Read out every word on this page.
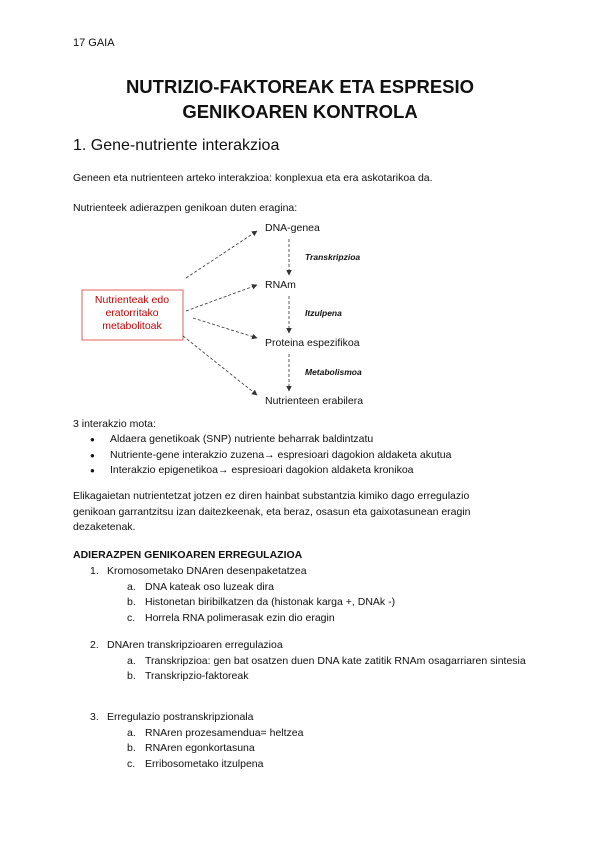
17 GAIA
NUTRIZIO-FAKTOREAK ETA ESPRESIO
GENIKOAREN KONTROLA
1. Gene-nutriente interakzioa

Geneen eta nutrienteen arteko interakzioa: konplexua eta era askotarikoa da.

Nutrienteek adierazpen genikoan duten eragina:

Nutrienteak edo
eratorritako
metabolitoak
DNA-genea
RNAm
Proteina espezifikoa
Nutrienteen erabilera
Transkripzioa
Itzulpena
Metabolismoa

3 interakzio mota:

● Aldaera genetikoak (SNP) nutriente beharrak baldintzatu
● Nutriente-gene interakzio zuzena→ espresioari dagokion aldaketa akutua
● Interakzio epigenetikoa→ espresioari dagokion aldaketa kronikoa

Elikagaietan nutrientetzat jotzen ez diren hainbat substantzia kimiko dago erregulazio genikoan garrantzitsu izan daitezkeenak, eta beraz, osasun eta gaixotasunean eragin dezaketenak.

ADIERAZPEN GENIKOAREN ERREGULAZIOA

1. Kromosometako DNAren desenpaketatzea
a. DNA kateak oso luzeak dira
b. Histonetan biribilkatzen da (histonak karga +, DNAk -)
c. Horrela RNA polimerasak ezin dio eragin
2. DNAren transkripzioaren erregulazioa
a. Transkripzioa: gen bat osatzen duen DNA kate zatitik RNAm osagarriaren sintesia
b. Transkripzio-faktoreak
3. Erregulazio postranskripzionala
a. RNAren prozesamendua= heltzea
b. RNAren egonkortasuna
c. Erribosometako itzulpena
